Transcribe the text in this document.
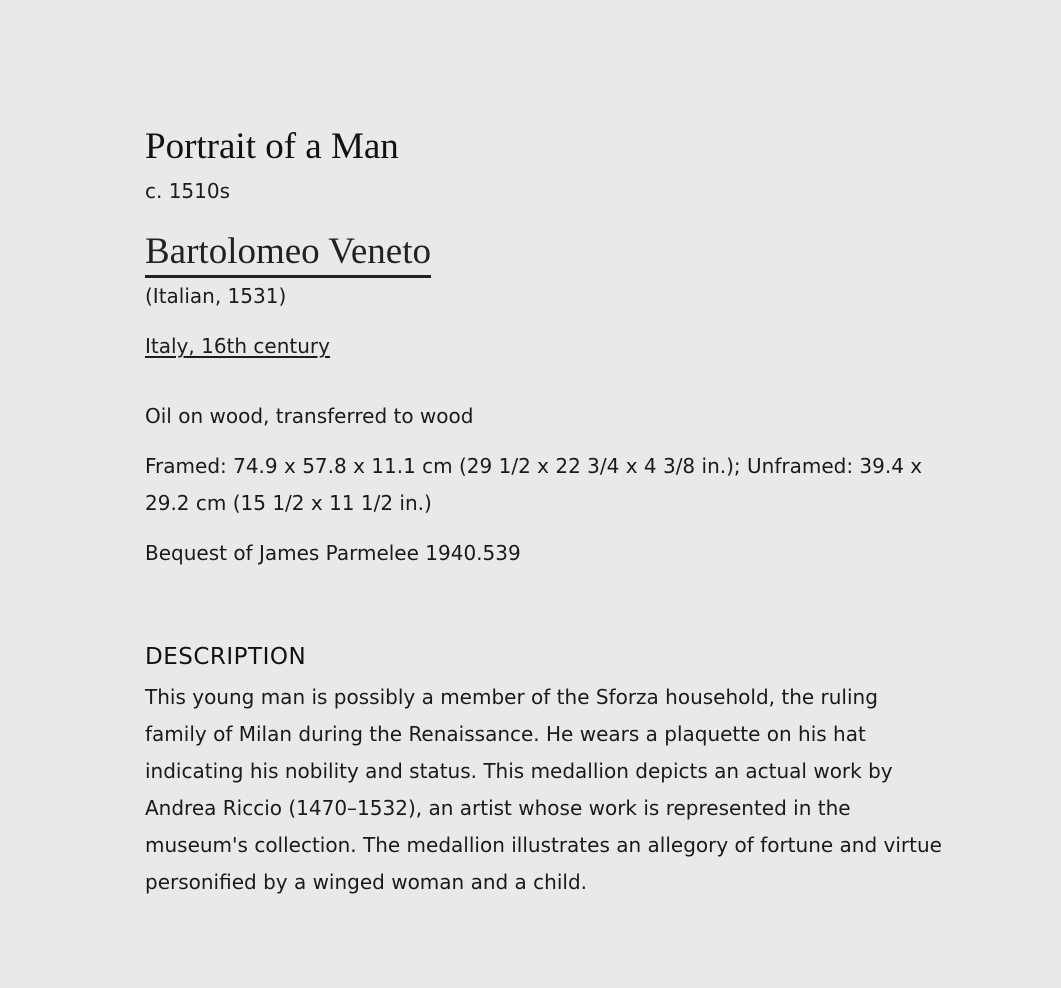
Portrait of a Man
c. 1510s
Bartolomeo Veneto
(Italian, 1531)
Italy, 16th century
Oil on wood, transferred to wood
Framed: 74.9 x 57.8 x 11.1 cm (29 1/2 x 22 3/4 x 4 3/8 in.); Unframed: 39.4 x 29.2 cm (15 1/2 x 11 1/2 in.)
Bequest of James Parmelee 1940.539
DESCRIPTION

This young man is possibly a member of the Sforza household, the ruling family of Milan during the Renaissance. He wears a plaquette on his hat indicating his nobility and status. This medallion depicts an actual work by Andrea Riccio (1470–1532), an artist whose work is represented in the museum's collection. The medallion illustrates an allegory of fortune and virtue personified by a winged woman and a child.
